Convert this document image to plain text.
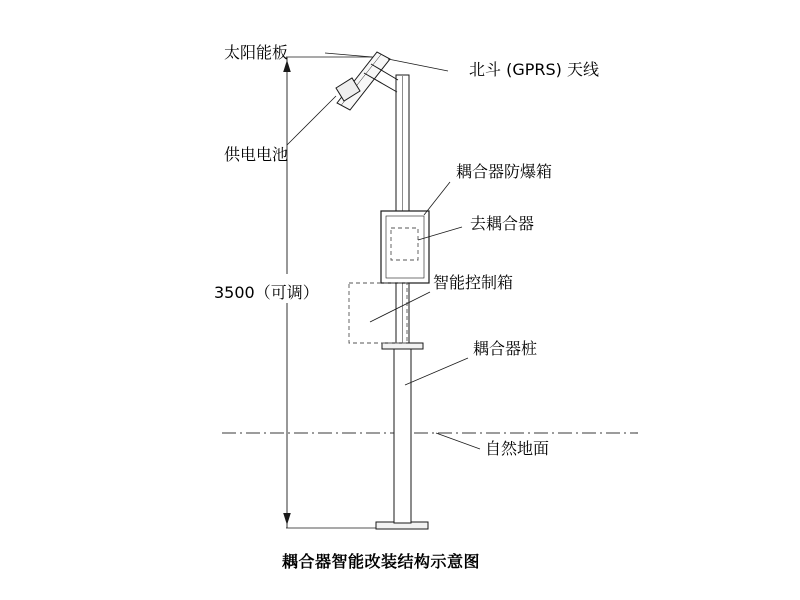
太阳能板
北斗 (GPRS) 天线
供电电池
耦合器防爆箱
去耦合器
智能控制箱
耦合器桩
自然地面
3500（可调）
耦合器智能改装结构示意图
